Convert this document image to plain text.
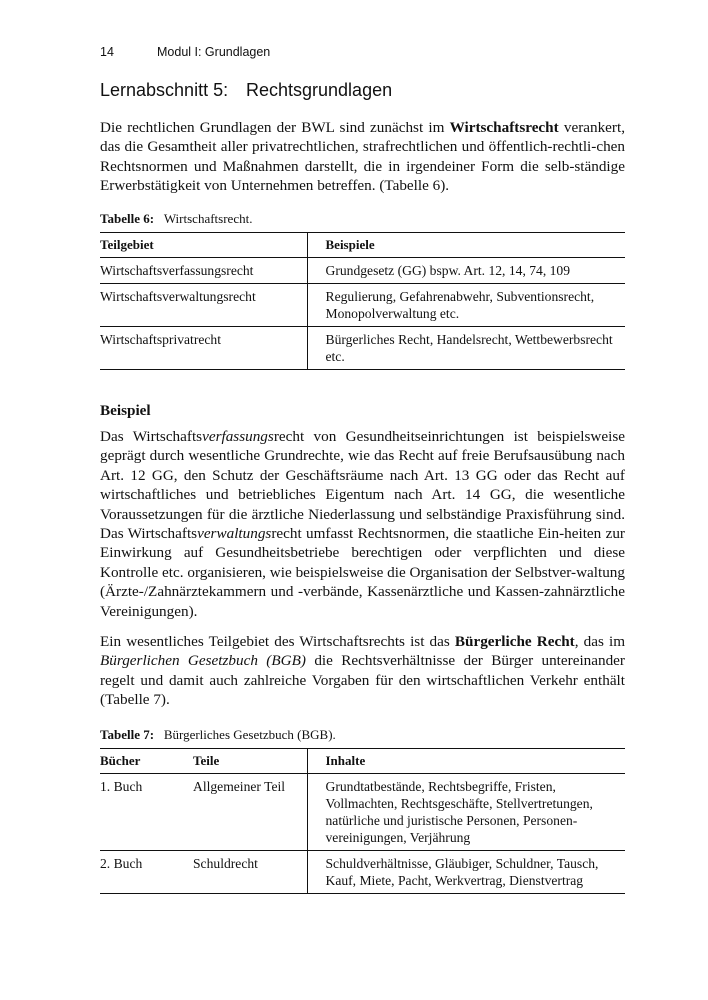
14	Modul I: Grundlagen
Lernabschnitt 5: Rechtsgrundlagen

Die rechtlichen Grundlagen der BWL sind zunächst im Wirtschaftsrecht verankert, das die Gesamtheit aller privatrechtlichen, strafrechtlichen und öffentlich-rechtli-chen Rechtsnormen und Maßnahmen darstellt, die in irgendeiner Form die selb-ständige Erwerbstätigkeit von Unternehmen betreffen. (Tabelle 6).

Tabelle 6: Wirtschaftsrecht.
Teilgebiet	Beispiele
Wirtschaftsverfassungsrecht	Grundgesetz (GG) bspw. Art. 12, 14, 74, 109
Wirtschaftsverwaltungsrecht	Regulierung, Gefahrenabwehr, Subventionsrecht, Monopolverwaltung etc.
Wirtschaftsprivatrecht	Bürgerliches Recht, Handelsrecht, Wettbewerbsrecht etc.
Beispiel

Das Wirtschaftsverfassungsrecht von Gesundheitseinrichtungen ist beispielsweise geprägt durch wesentliche Grundrechte, wie das Recht auf freie Berufsausübung nach Art. 12 GG, den Schutz der Geschäftsräume nach Art. 13 GG oder das Recht auf wirtschaftliches und betriebliches Eigentum nach Art. 14 GG, die wesentliche Voraussetzungen für die ärztliche Niederlassung und selbständige Praxisführung sind. Das Wirtschaftsverwaltungsrecht umfasst Rechtsnormen, die staatliche Ein-heiten zur Einwirkung auf Gesundheitsbetriebe berechtigen oder verpflichten und diese Kontrolle etc. organisieren, wie beispielsweise die Organisation der Selbstver-waltung (Ärzte-/Zahnärztekammern und -verbände, Kassenärztliche und Kassen-zahnärztliche Vereinigungen).

Ein wesentliches Teilgebiet des Wirtschaftsrechts ist das Bürgerliche Recht, das im Bürgerlichen Gesetzbuch (BGB) die Rechtsverhältnisse der Bürger untereinander regelt und damit auch zahlreiche Vorgaben für den wirtschaftlichen Verkehr enthält (Tabelle 7).

Tabelle 7: Bürgerliches Gesetzbuch (BGB).
Bücher	Teile	Inhalte
1. Buch	Allgemeiner Teil	Grundtatbestände, Rechtsbegriffe, Fristen, Vollmachten, Rechtsgeschäfte, Stellvertretungen, natürliche und juristische Personen, Personen-vereinigungen, Verjährung
2. Buch	Schuldrecht	Schuldverhältnisse, Gläubiger, Schuldner, Tausch, Kauf, Miete, Pacht, Werkvertrag, Dienstvertrag
